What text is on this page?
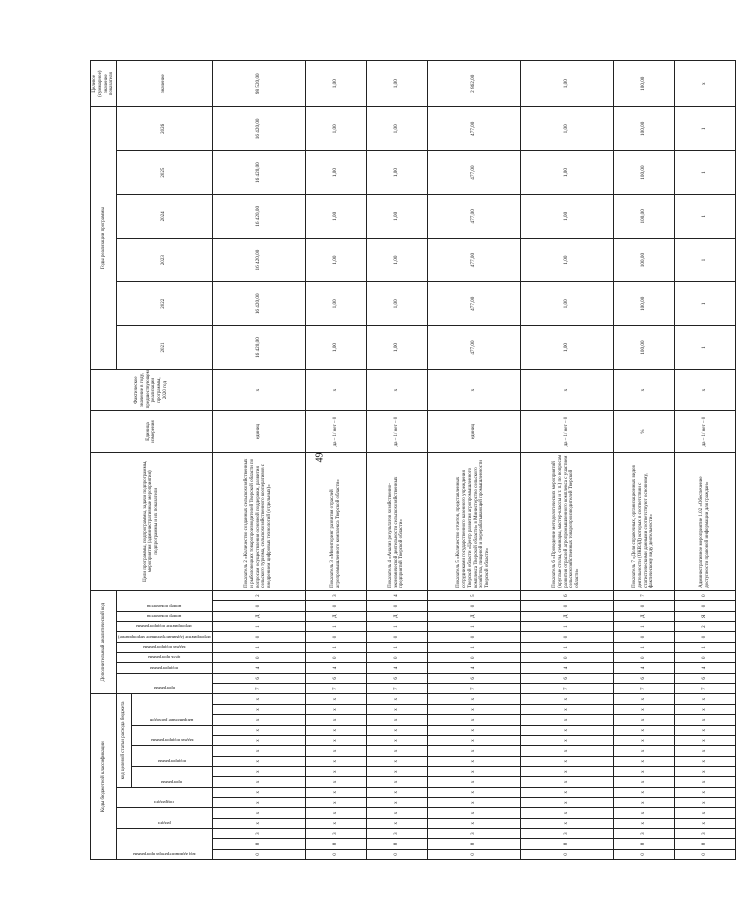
49
Коды бюджетной классификации																Дополнительный аналитический код										Цели программы, подпрограммы, задачи подпрограммы, мероприятия (административные мероприятия) подпрограммы и их показатели	Единица измерения	Фактическое значение в году, предшествующем реализации программы, 2020 год	Годы реализации программы						Целевое (суммарное) значение показателя

код администратора программы			раздел		подраздел		код целевой статьи расхода бюджета									программа		подпрограмма	цель программы	задача подпрограммы	мероприятие (административное мероприятие)	мероприятие подпрограммы	номер показателя	номер показателя					2021	2022	2023	2024	2025	2026	значение

							программа		подпрограмма		задача подпрограммы		направление расходов																						

0	8	3	x	x	x	x	x	x	x	x	x	x	x	x	x	7	6	4	0	1	0	1	Д	0	2	Показатель 2 «Количество созданных сельскохозяйственных и рыболовецких товаропроизводителей Тверской области по вопросам осуществления основной поддержки, развития сельского туризма, сельскохозяйственного кооперативов с внедрением цифровых технологий (отдельных)»	единиц	x	16 420,00	16 420,00	16 420,00	16 420,00	16 420,00	16 420,00	98 520,00
0	8	3	x	x	x	x	x	x	x	x	x	x	x	x	x	7	6	4	0	1	0	1	Д	0	3	Показатель 3 «Мониторинг развития отраслей агропромышленного комплекса Тверской области»	да – 1/ нет – 0	x	1,00	1,00	1,00	1,00	1,00	1,00	1,00
0	8	3	x	x	x	x	x	x	x	x	x	x	x	x	x	7	6	4	0	1	0	1	Д	0	4	Показатель 4 «Анализ результатов хозяйственно-экономической деятельности сельскохозяйственных предприятий Тверской области»	да – 1/ нет – 0	x	1,00	1,00	1,00	1,00	1,00	1,00	1,00
0	8	3	x	x	x	x	x	x	x	x	x	x	x	x	x	7	6	4	0	1	0	1	Д	0	5	Показатель 5 «Количество отчетов, представленных сотрудниками государственного казенного учреждения Тверской области «Центр развития агропромышленного комплекса Тверской области» в Министерство сельского хозяйства, пищевой и перерабатывающей промышленности Тверской области»	единиц	x	477,00	477,00	477,00	477,00	477,00	477,00	2 862,00
0	8	3	x	x	x	x	x	x	x	x	x	x	x	x	x	7	6	4	0	1	0	1	Д	0	6	Показатель 6 «Проведение методологических мероприятий (круглые столы, семинары, мастер-классы и т. п.) по вопросам развития отраслей агропромышленного комплекса с участием сельскохозяйственных товаропроизводителей Тверской области»	да – 1/ нет – 0	x	1,00	1,00	1,00	1,00	1,00	1,00	1,00
0	8	3	x	x	x	x	x	x	x	x	x	x	x	x	x	7	6	4	0	1	0	1	Д	0	7	Показатель 7 «Доля справочных, организационных видов деятельности (ОКВЭД) которых в соответствии с статистическими данными соответствуют основному, фактическому виду деятельности»	%	x	100,00	100,00	100,00	100,00	100,00	100,00	100,00
0	8	3	x	x	x	x	x	x	x	x	x	x	x	x	x	7	6	4	0	1	0	2	Я	0	0	Административное мероприятие 1.02 «Обеспечение доступности правовой информации для граждан»	да – 1/ нет – 0	x	1	1	1	1	1	1	x
